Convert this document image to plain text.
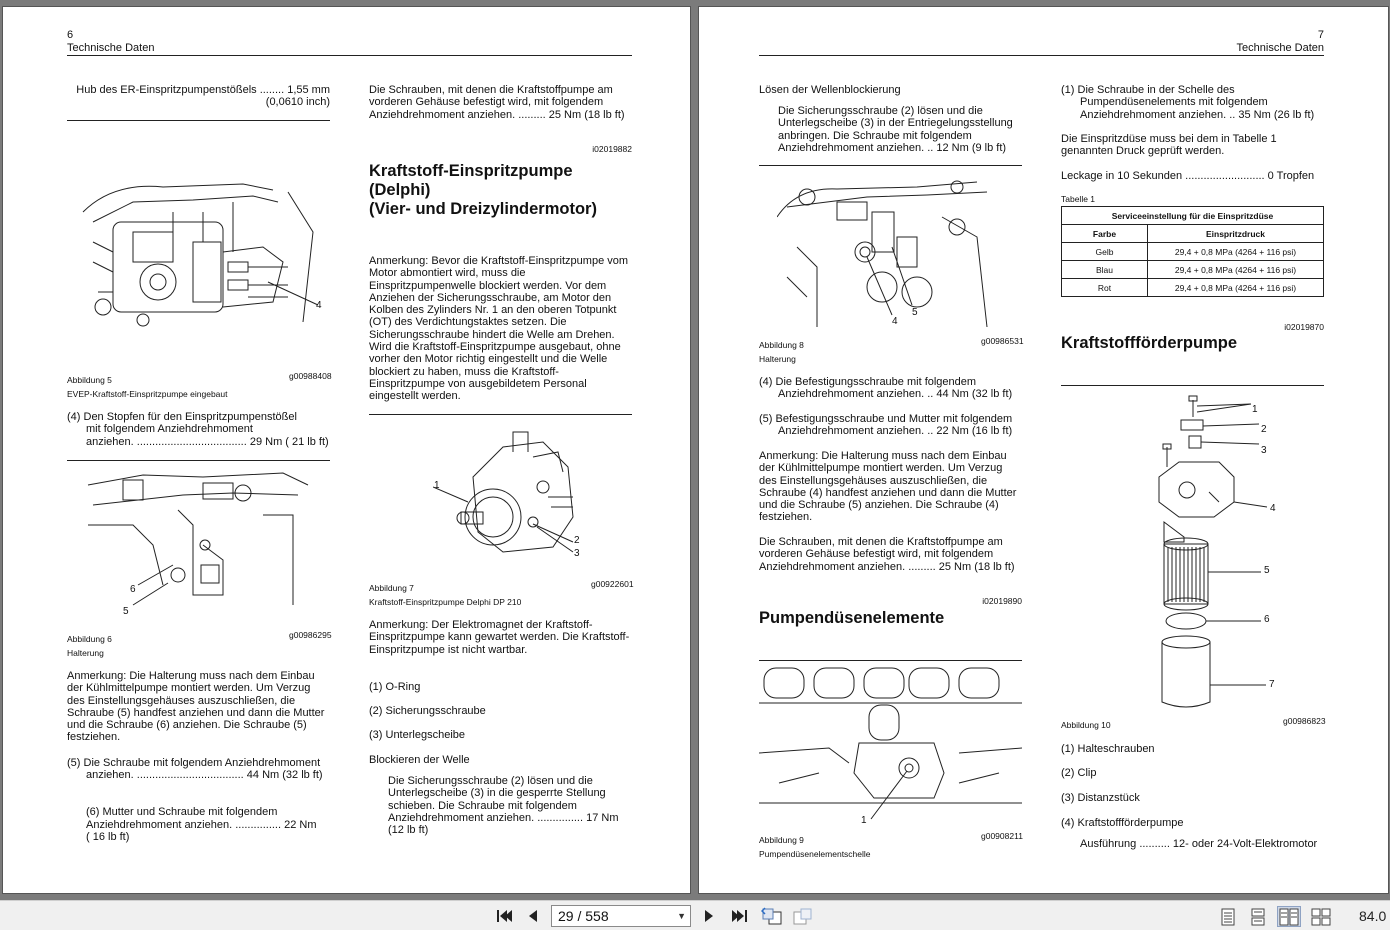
6
Technische Daten
Hub des ER-Einspritzpumpenstößels ........ 1,55 mm
(0,0610 inch)
4
Abbildung 5	g00988408
EVEP-Kraftstoff-Einspritzpumpe eingebaut
(4) Den Stopfen für den Einspritzpumpenstößel
mit folgendem Anziehdrehmoment
anziehen. .................................... 29 Nm ( 21 lb ft)
6
5
Abbildung 6	g00986295
Halterung
Anmerkung: Die Halterung muss nach dem Einbau der Kühlmittelpumpe montiert werden. Um Verzug des Einstellungsgehäuses auszuschließen, die Schraube (5) handfest anziehen und dann die Mutter und die Schraube (6) anziehen. Die Schraube (5) festziehen.
(5) Die Schraube mit folgendem Anziehdrehmoment
anziehen. ................................... 44 Nm (32 lb ft)

(6) Mutter und Schraube mit folgendem
Anziehdrehmoment anziehen. ............... 22 Nm
( 16 lb ft)

Die Schrauben, mit denen die Kraftstoffpumpe am
vorderen Gehäuse befestigt wird, mit folgendem
Anziehdrehmoment anziehen. ......... 25 Nm (18 lb ft)
i02019882
Kraftstoff-Einspritzpumpe
(Delphi)
(Vier- und Dreizylindermotor)
Anmerkung: Bevor die Kraftstoff-Einspritzpumpe vom Motor abmontiert wird, muss die Einspritzpumpenwelle blockiert werden. Vor dem Anziehen der Sicherungsschraube, am Motor den Kolben des Zylinders Nr. 1 an den oberen Totpunkt (OT) des Verdichtungstaktes setzen. Die Sicherungsschraube hindert die Welle am Drehen. Wird die Kraftstoff-Einspritzpumpe ausgebaut, ohne vorher den Motor richtig eingestellt und die Welle blockiert zu haben, muss die Kraftstoff-Einspritzpumpe von ausgebildetem Personal eingestellt werden.
1
2
3
Abbildung 7	g00922601
Kraftstoff-Einspritzpumpe Delphi DP 210
Anmerkung: Der Elektromagnet der Kraftstoff-Einspritzpumpe kann gewartet werden. Die Kraftstoff-Einspritzpumpe ist nicht wartbar.
(1) O-Ring
(2) Sicherungsschraube
(3) Unterlegscheibe
Blockieren der Welle
Die Sicherungsschraube (2) lösen und die
Unterlegscheibe (3) in die gesperrte Stellung
schieben. Die Schraube mit folgendem
Anziehdrehmoment anziehen. ............... 17 Nm
(12 lb ft)
7
Technische Daten
Lösen der Wellenblockierung
Die Sicherungsschraube (2) lösen und die
Unterlegscheibe (3) in der Entriegelungsstellung
anbringen. Die Schraube mit folgendem
Anziehdrehmoment anziehen. .. 12 Nm (9 lb ft)
4
5
Abbildung 8	g00986531
Halterung
(4) Die Befestigungsschraube mit folgendem
Anziehdrehmoment anziehen. .. 44 Nm (32 lb ft)
(5) Befestigungsschraube und Mutter mit folgendem
Anziehdrehmoment anziehen. .. 22 Nm (16 lb ft)
Anmerkung: Die Halterung muss nach dem Einbau der Kühlmittelpumpe montiert werden. Um Verzug des Einstellungsgehäuses auszuschließen, die Schraube (4) handfest anziehen und dann die Mutter und die Schraube (5) anziehen. Die Schraube (4) festziehen.
Die Schrauben, mit denen die Kraftstoffpumpe am
vorderen Gehäuse befestigt wird, mit folgendem
Anziehdrehmoment anziehen. ......... 25 Nm (18 lb ft)
i02019890
Pumpendüsenelemente
1
Abbildung 9	g00908211
Pumpendüsenelementschelle
(1) Die Schraube in der Schelle des
Pumpendüsenelements mit folgendem
Anziehdrehmoment anziehen. .. 35 Nm (26 lb ft)
Die Einspritzdüse muss bei dem in Tabelle 1
genannten Druck geprüft werden.
Leckage in 10 Sekunden .......................... 0 Tropfen
Tabelle 1
Serviceeinstellung für die Einspritzdüse	
Farbe	Einspritzdruck
Gelb	29,4 + 0,8 MPa (4264 + 116 psi)
Blau	29,4 + 0,8 MPa (4264 + 116 psi)
Rot	29,4 + 0,8 MPa (4264 + 116 psi)
i02019870
Kraftstoffförderpumpe
1
2
3
4
5
6
7
Abbildung 10	g00986823
(1) Halteschrauben
(2) Clip
(3) Distanzstück
(4) Kraftstoffförderpumpe
Ausführung .......... 12- oder 24-Volt-Elektromotor
29 / 558	▼	84.0
